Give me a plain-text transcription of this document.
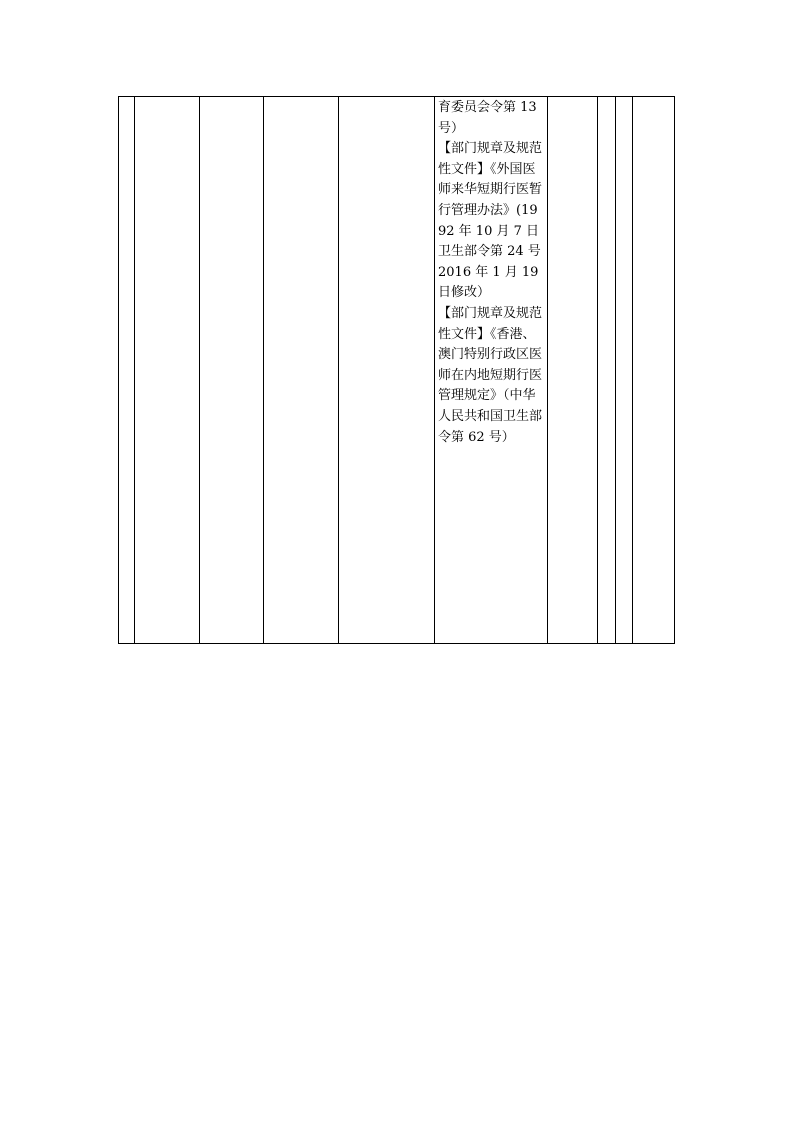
育委员会令第 13 号）
【部门规章及规范性文件】《外国医师来华短期行医暂行管理办法》(1992 年 10 月 7 日卫生部令第 24 号 2016 年 1 月 19 日修改）
【部门规章及规范性文件】《香港、澳门特别行政区医师在内地短期行医管理规定》（中华人民共和国卫生部令第 62 号）
